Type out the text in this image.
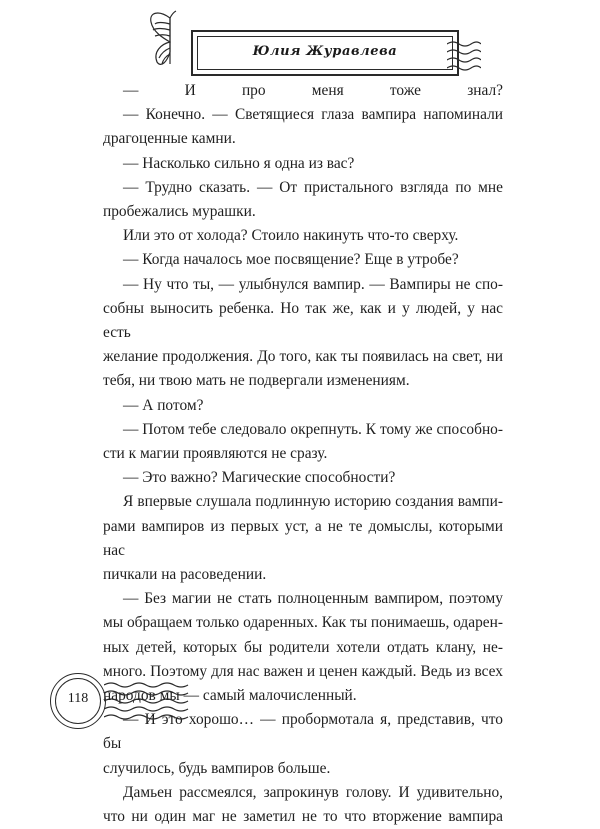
Юлия Журавлева

— И про меня тоже знал?

— Конечно. — Светящиеся глаза вампира напоминали

драгоценные камни.

— Насколько сильно я одна из вас?

— Трудно сказать. — От пристального взгляда по мне

пробежались мурашки.

Или это от холода? Стоило накинуть что-то сверху.

— Когда началось мое посвящение? Еще в утробе?

— Ну что ты, — улыбнулся вампир. — Вампиры не спо-

собны выносить ребенка. Но так же, как и у людей, у нас есть

желание продолжения. До того, как ты появилась на свет, ни

тебя, ни твою мать не подвергали изменениям.

— А потом?

— Потом тебе следовало окрепнуть. К тому же способно-

сти к магии проявляются не сразу.

— Это важно? Магические способности?

Я впервые слушала подлинную историю создания вампи-

рами вампиров из первых уст, а не те домыслы, которыми нас

пичкали на расоведении.

— Без магии не стать полноценным вампиром, поэтому

мы обращаем только одаренных. Как ты понимаешь, одарен-

ных детей, которых бы родители хотели отдать клану, не-

много. Поэтому для нас важен и ценен каждый. Ведь из всех

народов мы — самый малочисленный.

— И это хорошо… — пробормотала я, представив, что бы

случилось, будь вампиров больше.

Дамьен рассмеялся, запрокинув голову. И удивительно,

что ни один маг не заметил не то что вторжение вампира

118
